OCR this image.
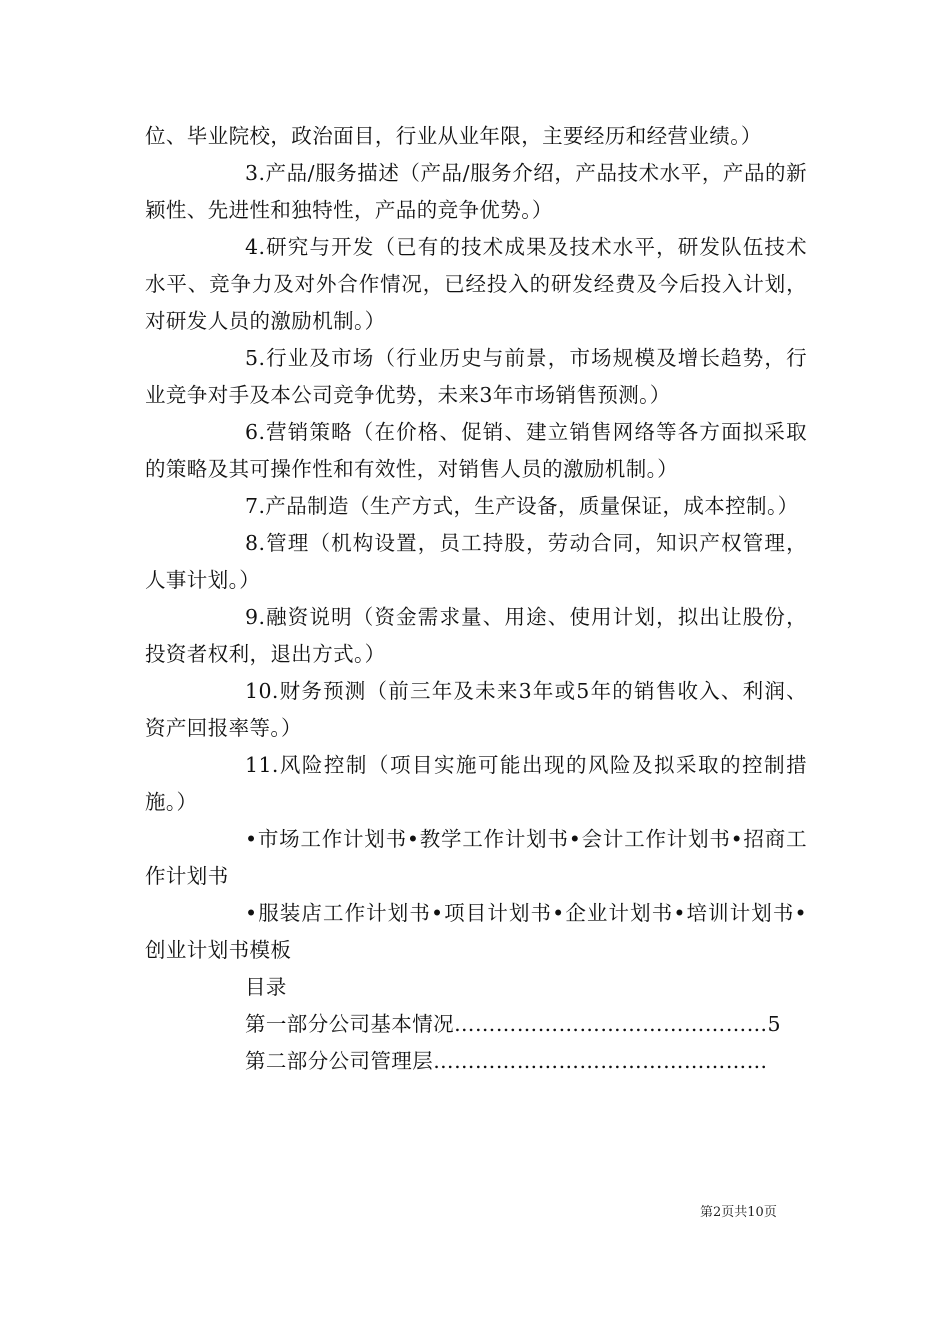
位、毕业院校，政治面目，行业从业年限，主要经历和经营业绩。）

3.产品/服务描述（产品/服务介绍，产品技术水平，产品的新颖性、先进性和独特性，产品的竞争优势。）

4.研究与开发（已有的技术成果及技术水平，研发队伍技术水平、竞争力及对外合作情况，已经投入的研发经费及今后投入计划，对研发人员的激励机制。）

5.行业及市场（行业历史与前景，市场规模及增长趋势，行业竞争对手及本公司竞争优势，未来3年市场销售预测。）

6.营销策略（在价格、促销、建立销售网络等各方面拟采取的策略及其可操作性和有效性，对销售人员的激励机制。）

7.产品制造（生产方式，生产设备，质量保证，成本控制。）

8.管理（机构设置，员工持股，劳动合同，知识产权管理，人事计划。）

9.融资说明（资金需求量、用途、使用计划，拟出让股份，投资者权利，退出方式。）

10.财务预测（前三年及未来3年或5年的销售收入、利润、资产回报率等。）

11.风险控制（项目实施可能出现的风险及拟采取的控制措施。）

•市场工作计划书•教学工作计划书•会计工作计划书•招商工作计划书

•服装店工作计划书•项目计划书•企业计划书•培训计划书•创业计划书模板

目录

第一部分公司基本情况………………………………………5

第二部分公司管理层…………………………………………

第2页共10页
